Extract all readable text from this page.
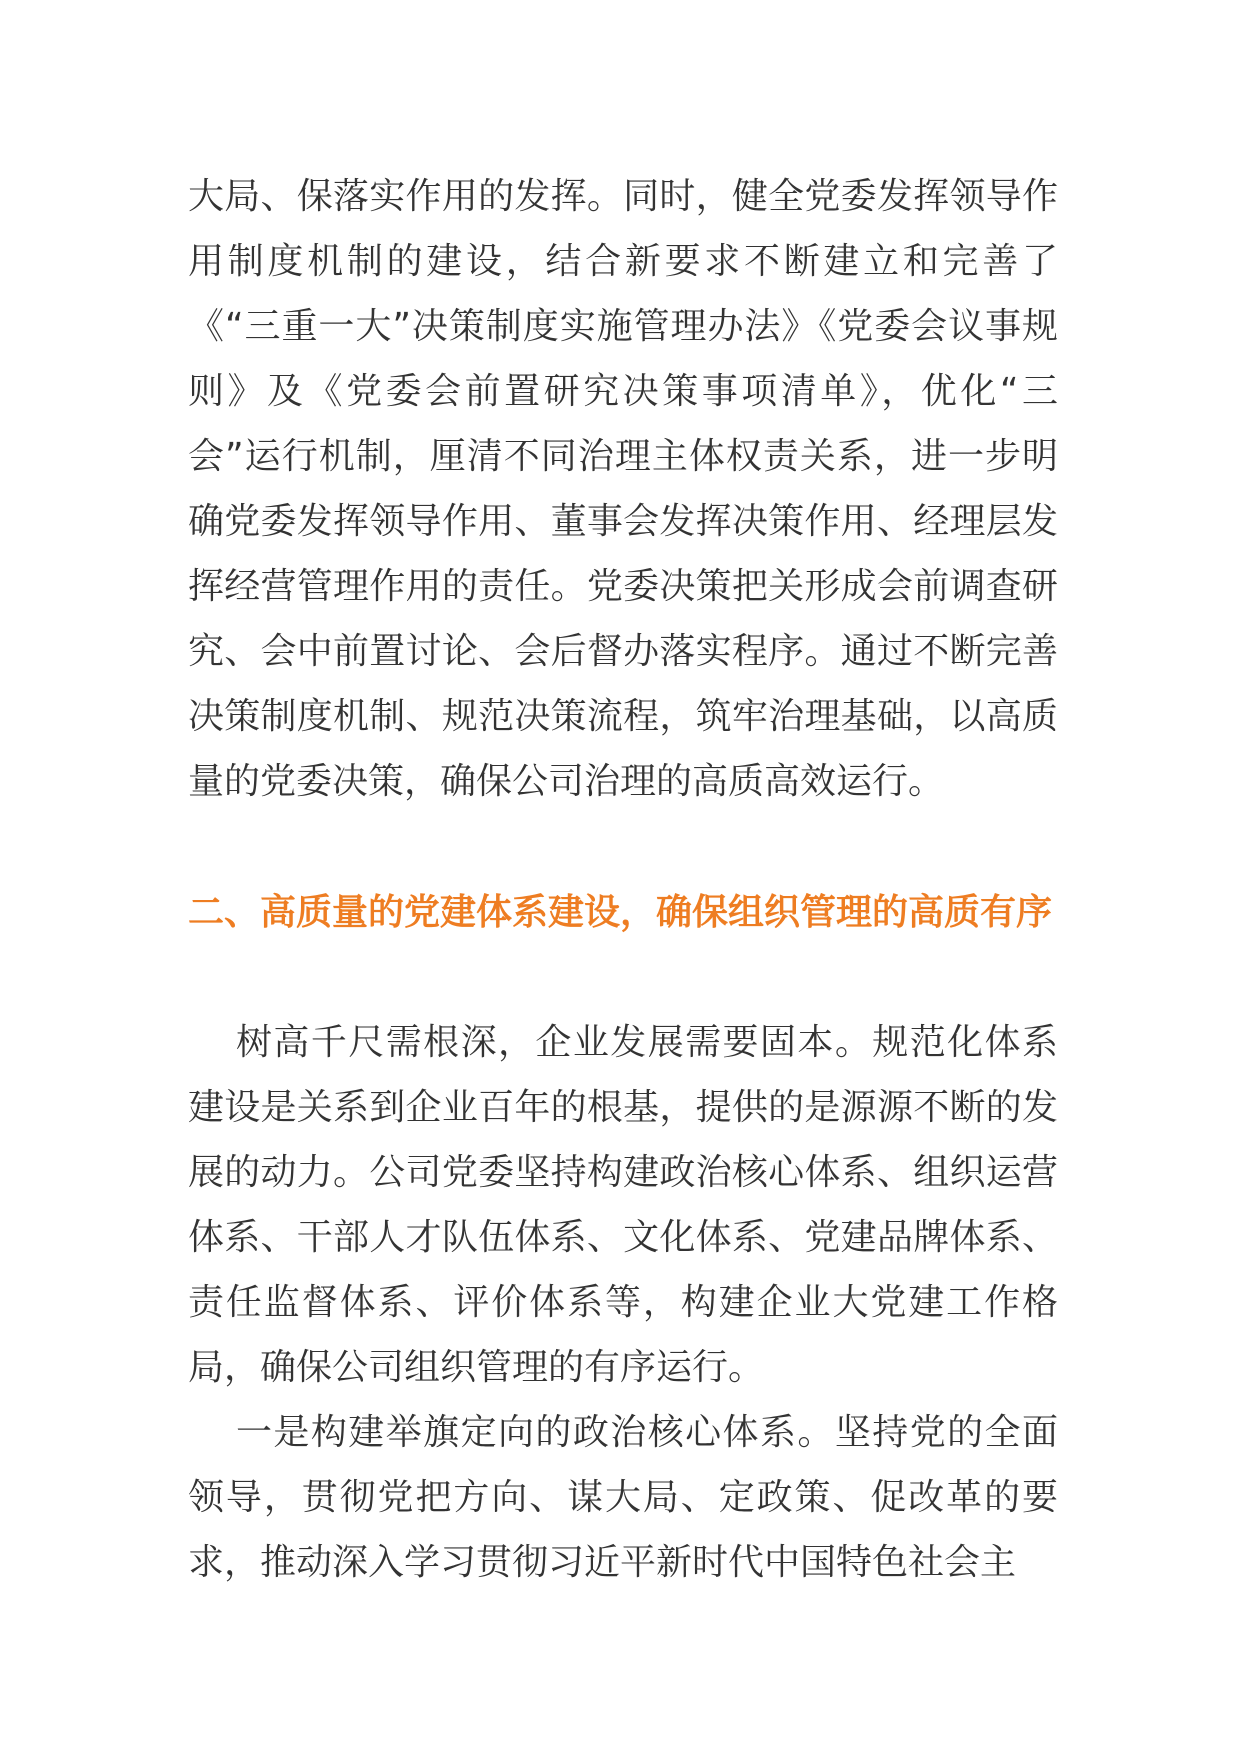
大局、保落实作用的发挥。同时，健全党委发挥领导作用制度机制的建设，结合新要求不断建立和完善了《“三重一大”决策制度实施管理办法》《党委会议事规则》及《党委会前置研究决策事项清单》，优化“三会”运行机制，厘清不同治理主体权责关系，进一步明确党委发挥领导作用、董事会发挥决策作用、经理层发挥经营管理作用的责任。党委决策把关形成会前调查研究、会中前置讨论、会后督办落实程序。通过不断完善决策制度机制、规范决策流程，筑牢治理基础，以高质量的党委决策，确保公司治理的高质高效运行。

二、高质量的党建体系建设，确保组织管理的高质有序

树高千尺需根深，企业发展需要固本。规范化体系建设是关系到企业百年的根基，提供的是源源不断的发展的动力。公司党委坚持构建政治核心体系、组织运营体系、干部人才队伍体系、文化体系、党建品牌体系、责任监督体系、评价体系等，构建企业大党建工作格局，确保公司组织管理的有序运行。

一是构建举旗定向的政治核心体系。坚持党的全面领导，贯彻党把方向、谋大局、定政策、促改革的要求，推动深入学习贯彻习近平新时代中国特色社会主
